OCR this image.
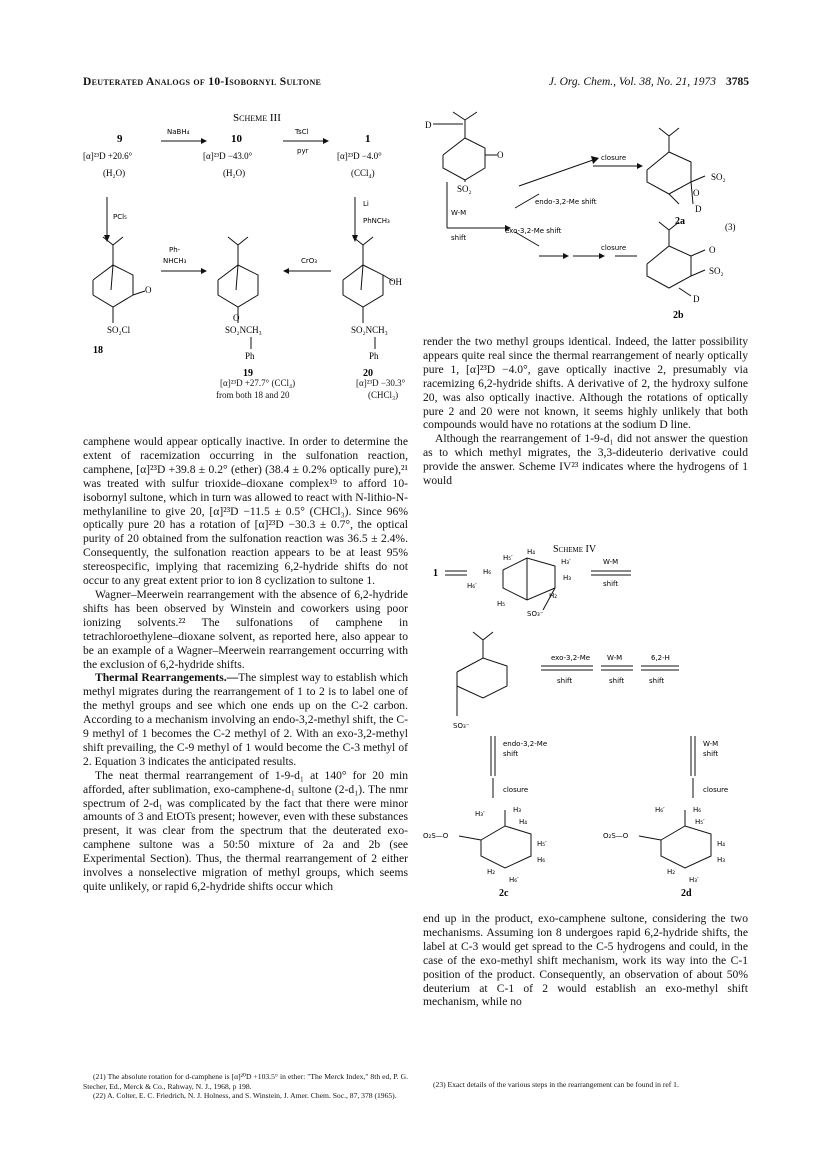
Deuterated Analogs of 10-Isobornyl Sultone	J. Org. Chem., Vol. 38, No. 21, 1973 3785
Scheme III
9
[α]²³D +20.6°
(H₂O)
NaBH₄
10
[α]²³D −43.0°
(H₂O)
TsCl
pyr
1
[α]²³D −4.0°
(CCl₄)
PCl₅
Li
PhNCH₃
O
SO₂Cl
18
Ph-
NHCH₃
O
SO₂NCH₃
Ph
19
CrO₃
OH
SO₂NCH₃
Ph
20
[α]²³D +27.7° (CCl₄)
from both 18 and 20
[α]²³D −30.3°
(CHCl₃)

camphene would appear optically inactive. In order to determine the extent of racemization occurring in the sulfonation reaction, camphene, [α]²³D +39.8 ± 0.2° (ether) (38.4 ± 0.2% optically pure),²¹ was treated with sulfur trioxide–dioxane complex¹⁹ to afford 10-isobornyl sultone, which in turn was allowed to react with N-lithio-N-methylaniline to give 20, [α]²³D −11.5 ± 0.5° (CHCl₃). Since 96% optically pure 20 has a rotation of [α]²³D −30.3 ± 0.7°, the optical purity of 20 obtained from the sulfonation reaction was 36.5 ± 2.4%. Consequently, the sulfonation reaction appears to be at least 95% stereospecific, implying that racemizing 6,2-hydride shifts do not occur to any great extent prior to ion 8 cyclization to sultone 1.

Wagner–Meerwein rearrangement with the absence of 6,2-hydride shifts has been observed by Winstein and coworkers using poor ionizing solvents.²² The sulfonations of camphene in tetrachloroethylene–dioxane solvent, as reported here, also appear to be an example of a Wagner–Meerwein rearrangement occurring with the exclusion of 6,2-hydride shifts.

Thermal Rearrangements.—The simplest way to establish which methyl migrates during the rearrangement of 1 to 2 is to label one of the methyl groups and see which one ends up on the C-2 carbon. According to a mechanism involving an endo-3,2-methyl shift, the C-9 methyl of 1 becomes the C-2 methyl of 2. With an exo-3,2-methyl shift prevailing, the C-9 methyl of 1 would become the C-3 methyl of 2. Equation 3 indicates the anticipated results.

The neat thermal rearrangement of 1-9-d₁ at 140° for 20 min afforded, after sublimation, exo-camphene-d₁ sultone (2-d₁). The nmr spectrum of 2-d₁ was complicated by the fact that there were minor amounts of 3 and EtOTs present; however, even with these substances present, it was clear from the spectrum that the deuterated exo-camphene sultone was a 50:50 mixture of 2a and 2b (see Experimental Section). Thus, the thermal rearrangement of 2 either involves a nonselective migration of methyl groups, which seems quite unlikely, or rapid 6,2-hydride shifts occur which

(21) The absolute rotation for d-camphene is [α]²⁰D +103.5° in ether: "The Merck Index," 8th ed, P. G. Stecher, Ed., Merck & Co., Rahway, N. J., 1968, p 198.

(22) A. Colter, E. C. Friedrich, N. J. Holness, and S. Winstein, J. Amer. Chem. Soc., 87, 378 (1965).

D
O
SO₂
W-M
shift
endo-3,2-Me shift
exo-3,2-Me shift
closure
closure
SO₂
O
D
2a	(3)
O
SO₂
D
2b

render the two methyl groups identical. Indeed, the latter possibility appears quite real since the thermal rearrangement of nearly optically pure 1, [α]²³D −4.0°, gave optically inactive 2, presumably via racemizing 6,2-hydride shifts. A derivative of 2, the hydroxy sulfone 20, was also optically inactive. Although the rotations of optically pure 2 and 20 were not known, it seems highly unlikely that both compounds would have no rotations at the sodium D line.

Although the rearrangement of 1-9-d₁ did not answer the question as to which methyl migrates, the 3,3-dideuterio derivative could provide the answer. Scheme IV²³ indicates where the hydrogens of 1 would

Scheme IV
1
H₄
H₅′	H₃′
H₆
H₃
H₆′
H₂
H₅
SO₃⁻
W-M
shift
SO₃⁻
exo-3,2-Me
shift
W-M
shift
6,2-H
shift
endo-3,2-Me
shift
closure
W-M
shift
closure
H₃′	H₃
H₄
H₅′
O₂S—O
H₆
H₂
H₆′
2c
H₆′	H₆
H₅′
O₂S—O
H₄
H₃
H₂
H₃′
2d

end up in the product, exo-camphene sultone, considering the two mechanisms. Assuming ion 8 undergoes rapid 6,2-hydride shifts, the label at C-3 would get spread to the C-5 hydrogens and could, in the case of the exo-methyl shift mechanism, work its way into the C-1 position of the product. Consequently, an observation of about 50% deuterium at C-1 of 2 would establish an exo-methyl shift mechanism, while no

(23) Exact details of the various steps in the rearrangement can be found in ref 1.
